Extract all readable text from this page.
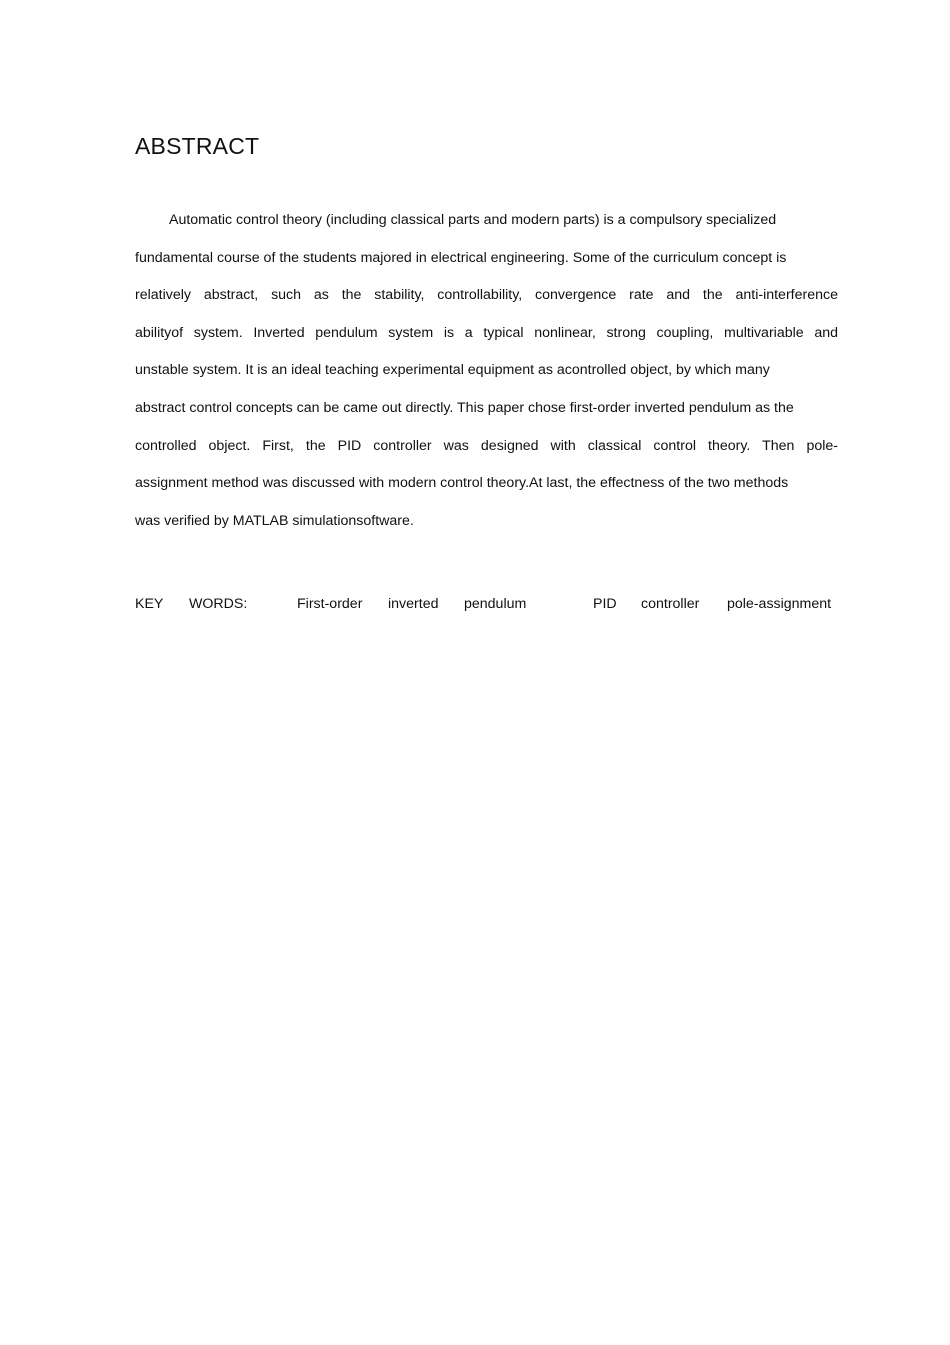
ABSTRACT
Automatic control theory (including classical parts and modern parts) is a compulsory specialized
fundamental course of the students majored in electrical engineering. Some of the curriculum concept is
relatively abstract, such as the stability, controllability, convergence rate and the anti-interference
abilityof system. Inverted pendulum system is a typical nonlinear, strong coupling, multivariable and
unstable system. It is an ideal teaching experimental equipment as acontrolled object, by which many
abstract control concepts can be came out directly. This paper chose first-order inverted pendulum as the
controlled object. First, the PID controller was designed with classical control theory. Then pole-
assignment method was discussed with modern control theory.At last, the effectness of the two methods
was verified by MATLAB simulationsoftware.
KEY WORDS:	First-order inverted pendulum	PID controller pole-assignment
